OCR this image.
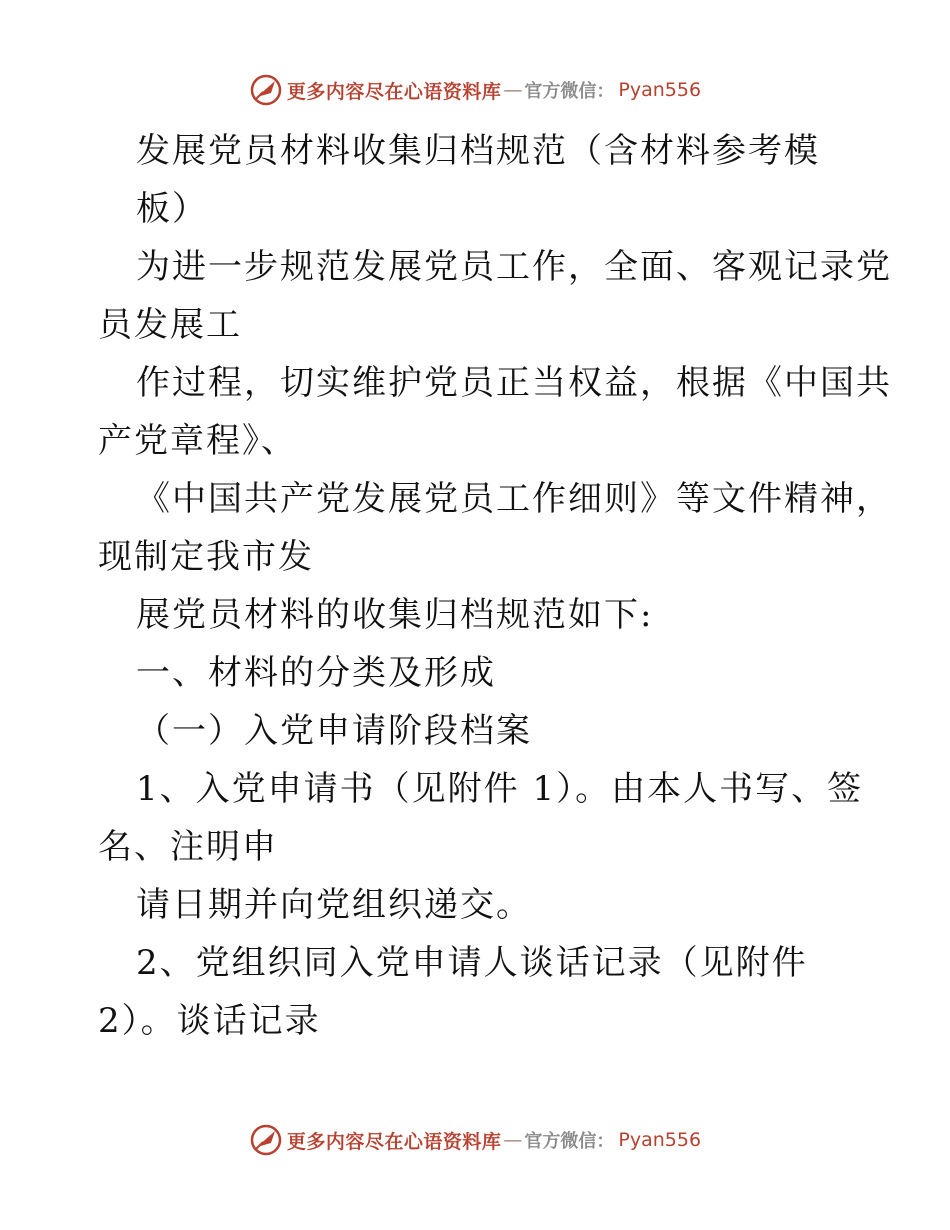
更多内容尽在心语资料库 — 官方微信： Pyan556
发展党员材料收集归档规范（含材料参考模
板）
为进一步规范发展党员工作，全面、客观记录党
员发展工
作过程，切实维护党员正当权益，根据《中国共
产党章程》、
《中国共产党发展党员工作细则》等文件精神，
现制定我市发
展党员材料的收集归档规范如下:
一、材料的分类及形成
（一）入党申请阶段档案
1、入党申请书（见附件 1）。由本人书写、签
名、注明申
请日期并向党组织递交。
2、党组织同入党申请人谈话记录（见附件
2）。谈话记录
更多内容尽在心语资料库 — 官方微信： Pyan556
